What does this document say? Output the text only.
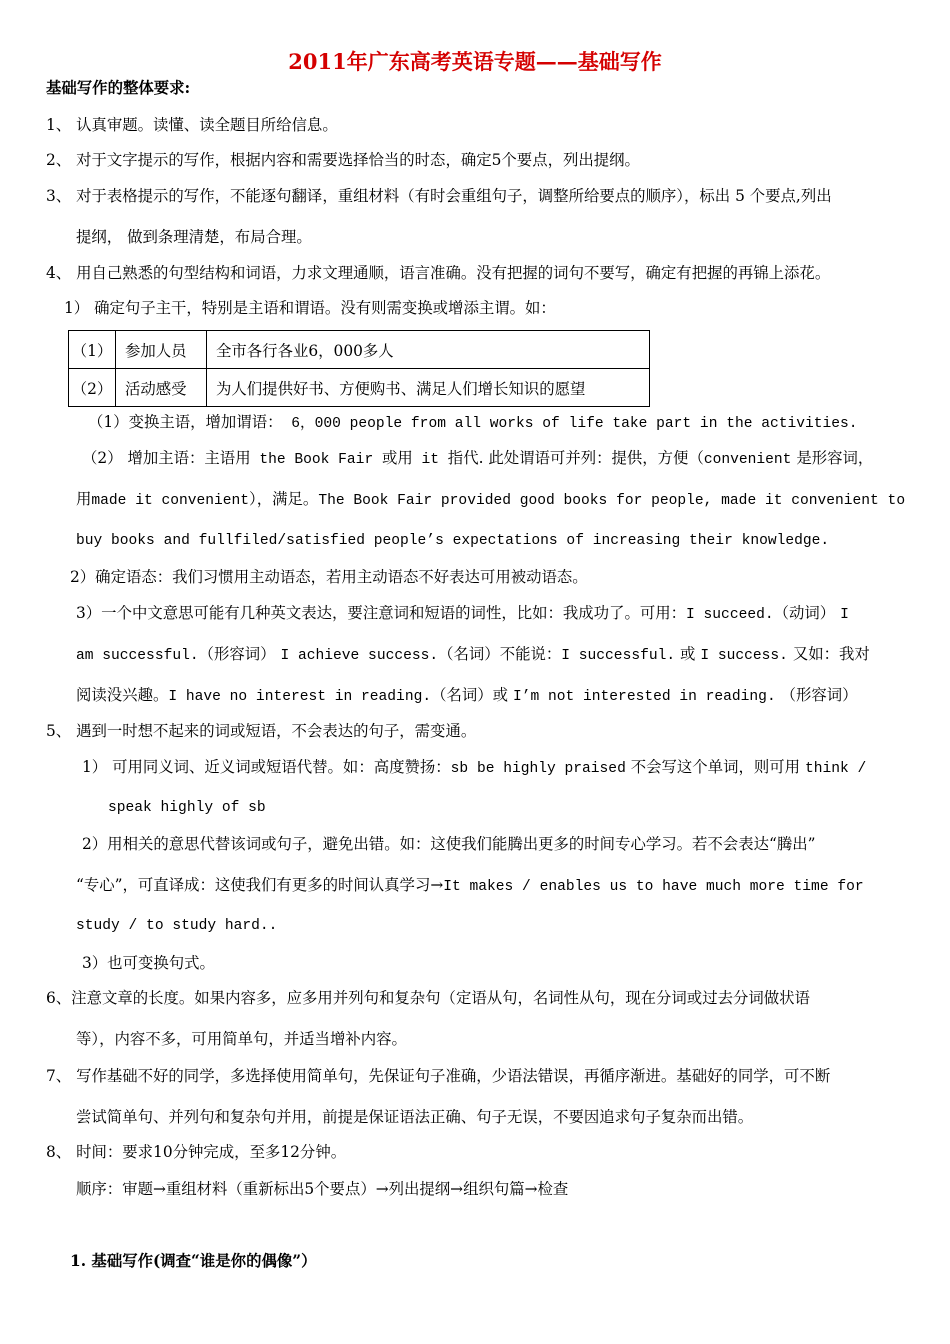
2011年广东高考英语专题——基础写作
基础写作的整体要求:
1、 认真审题。读懂、读全题目所给信息。
2、 对于文字提示的写作，根据内容和需要选择恰当的时态，确定5个要点，列出提纲。
3、 对于表格提示的写作，不能逐句翻译，重组材料（有时会重组句子，调整所给要点的顺序），标出 5 个要点,列出
提纲， 做到条理清楚，布局合理。
4、 用自己熟悉的句型结构和词语，力求文理通顺，语言准确。没有把握的词句不要写，确定有把握的再锦上添花。
1） 确定句子主干，特别是主语和谓语。没有则需变换或增添主谓。如：
（1）	参加人员	全市各行各业6，000多人
（2）	活动感受	为人们提供好书、方便购书、满足人们增长知识的愿望
（1）变换主语，增加谓语： 6，000 people from all works of life take part in the activities.
（2） 增加主语：主语用 the Book Fair 或用 it 指代. 此处谓语可并列：提供，方便（convenient 是形容词，
用made it convenient），满足。The Book Fair provided good books for people, made it convenient to
buy books and fullfiled/satisfied people’s expectations of increasing their knowledge.
2）确定语态：我们习惯用主动语态，若用主动语态不好表达可用被动语态。
3）一个中文意思可能有几种英文表达，要注意词和短语的词性，比如：我成功了。可用：I succeed.（动词） I
am successful.（形容词） I achieve success.（名词）不能说：I successful. 或 I success. 又如：我对
阅读没兴趣。I have no interest in reading.（名词）或 I’m not interested in reading. （形容词）
5、 遇到一时想不起来的词或短语，不会表达的句子，需变通。
1） 可用同义词、近义词或短语代替。如：高度赞扬：sb be highly praised 不会写这个单词，则可用 think /
speak highly of sb
2）用相关的意思代替该词或句子，避免出错。如：这使我们能腾出更多的时间专心学习。若不会表达“腾出”
“专心”，可直译成：这使我们有更多的时间认真学习→It makes / enables us to have much more time for
study / to study hard..
3）也可变换句式。
6、注意文章的长度。如果内容多，应多用并列句和复杂句（定语从句，名词性从句，现在分词或过去分词做状语
等），内容不多，可用简单句，并适当增补内容。
7、 写作基础不好的同学，多选择使用简单句，先保证句子准确，少语法错误，再循序渐进。基础好的同学，可不断
尝试简单句、并列句和复杂句并用，前提是保证语法正确、句子无误，不要因追求句子复杂而出错。
8、 时间：要求10分钟完成，至多12分钟。
顺序：审题→重组材料（重新标出5个要点）→列出提纲→组织句篇→检查
1. 基础写作(调查“谁是你的偶像”）
